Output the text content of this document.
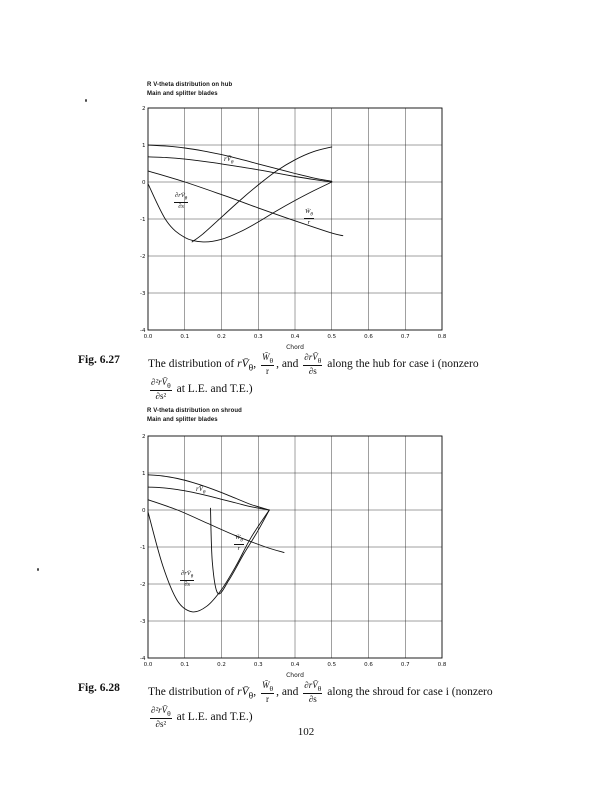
R V-theta distribution on hub
Main and splitter blades
0.0	0.1	0.2	0.3	0.4	0.5	0.6	0.7	0.8
2
1
0
-1
-2
-3
-4
Chord
$rV̄_\theta$
$\frac{\partial rV̄_\theta}{\partial s}$
$\frac{W̄_\theta}{r}$
Fig. 6.27	The distribution of $rV̄_\theta$, $\frac{W̄_\theta}{r}$ , and $\frac{\partial rV̄_\theta}{\partial s}$ along the hub for case i (nonzero

$\frac{\partial^2rV̄_\theta}{\text{∂s²}}$ at L.E. and T.E.)
R V-theta distribution on shroud
Main and splitter blades
0.0	0.1	0.2	0.3	0.4	0.5	0.6	0.7	0.8
2
1
0
-1
-2
-3
-4
Chord
$rV̄_\theta$
$\frac{W̄_\theta}{r}$
$\frac{\partial rV̄_\theta}{\partial s}$
Fig. 6.28	The distribution of $rV̄_\theta$, $\frac{W̄_\theta}{r}$ , and $\frac{\partial rV̄_\theta}{\partial s}$ along the shroud for case i (nonzero

$\frac{\partial^2rV̄_\theta}{\text{∂s²}}$ at L.E. and T.E.)
102
